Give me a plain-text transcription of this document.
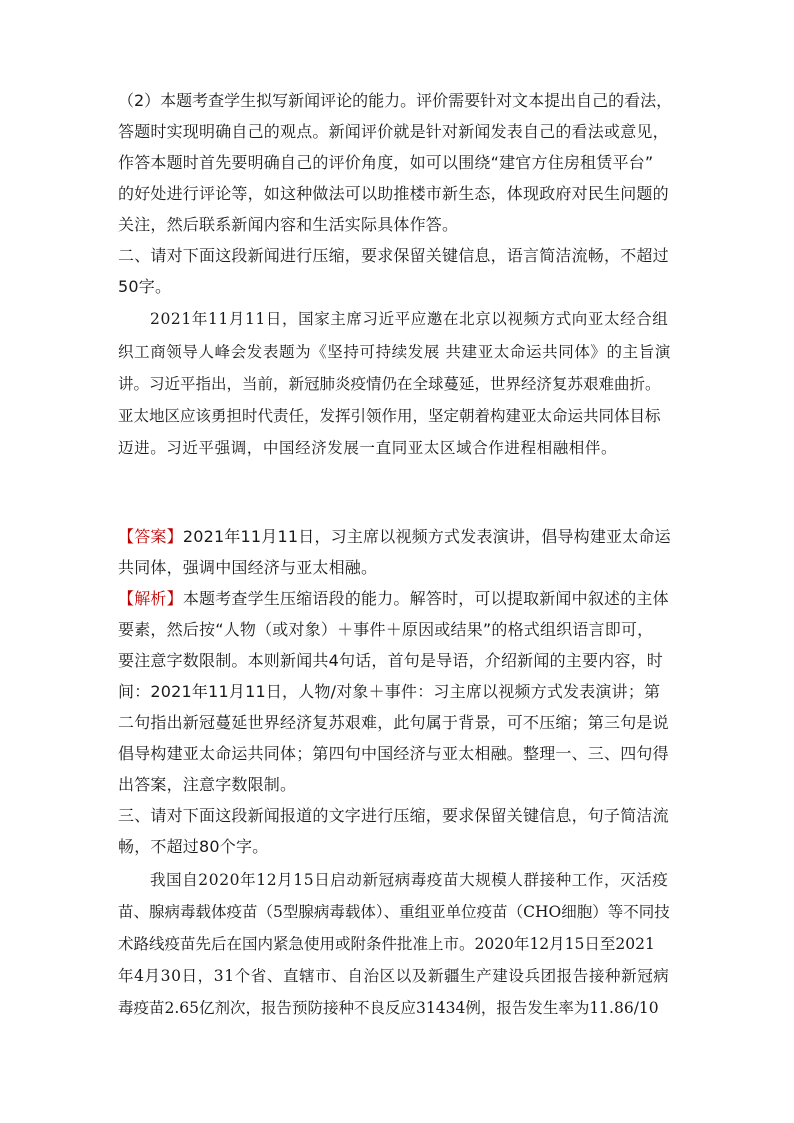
（2）本题考查学生拟写新闻评论的能力。评价需要针对文本提出自己的看法，
答题时实现明确自己的观点。新闻评价就是针对新闻发表自己的看法或意见，
作答本题时首先要明确自己的评价角度，如可以围绕“建官方住房租赁平台”
的好处进行评论等，如这种做法可以助推楼市新生态，体现政府对民生问题的
关注，然后联系新闻内容和生活实际具体作答。
二、请对下面这段新闻进行压缩，要求保留关键信息，语言简洁流畅，不超过
50字。
2021年11月11日，国家主席习近平应邀在北京以视频方式向亚太经合组
织工商领导人峰会发表题为《坚持可持续发展 共建亚太命运共同体》的主旨演
讲。习近平指出，当前，新冠肺炎疫情仍在全球蔓延，世界经济复苏艰难曲折。
亚太地区应该勇担时代责任，发挥引领作用，坚定朝着构建亚太命运共同体目标
迈进。习近平强调，中国经济发展一直同亚太区域合作进程相融相伴。
【答案】2021年11月11日，习主席以视频方式发表演讲，倡导构建亚太命运
共同体，强调中国经济与亚太相融。
【解析】本题考查学生压缩语段的能力。解答时，可以提取新闻中叙述的主体
要素，然后按“人物（或对象）＋事件＋原因或结果”的格式组织语言即可，
要注意字数限制。本则新闻共4句话，首句是导语，介绍新闻的主要内容，时
间：2021年11月11日，人物/对象＋事件：习主席以视频方式发表演讲；第
二句指出新冠蔓延世界经济复苏艰难，此句属于背景，可不压缩；第三句是说
倡导构建亚太命运共同体；第四句中国经济与亚太相融。整理一、三、四句得
出答案，注意字数限制。
三、请对下面这段新闻报道的文字进行压缩，要求保留关键信息，句子简洁流
畅，不超过80个字。
我国自2020年12月15日启动新冠病毒疫苗大规模人群接种工作，灭活疫
苗、腺病毒载体疫苗（5型腺病毒载体）、重组亚单位疫苗（CHO细胞）等不同技
术路线疫苗先后在国内紧急使用或附条件批准上市。2020年12月15日至2021
年4月30日，31个省、直辖市、自治区以及新疆生产建设兵团报告接种新冠病
毒疫苗2.65亿剂次，报告预防接种不良反应31434例，报告发生率为11.86/10
